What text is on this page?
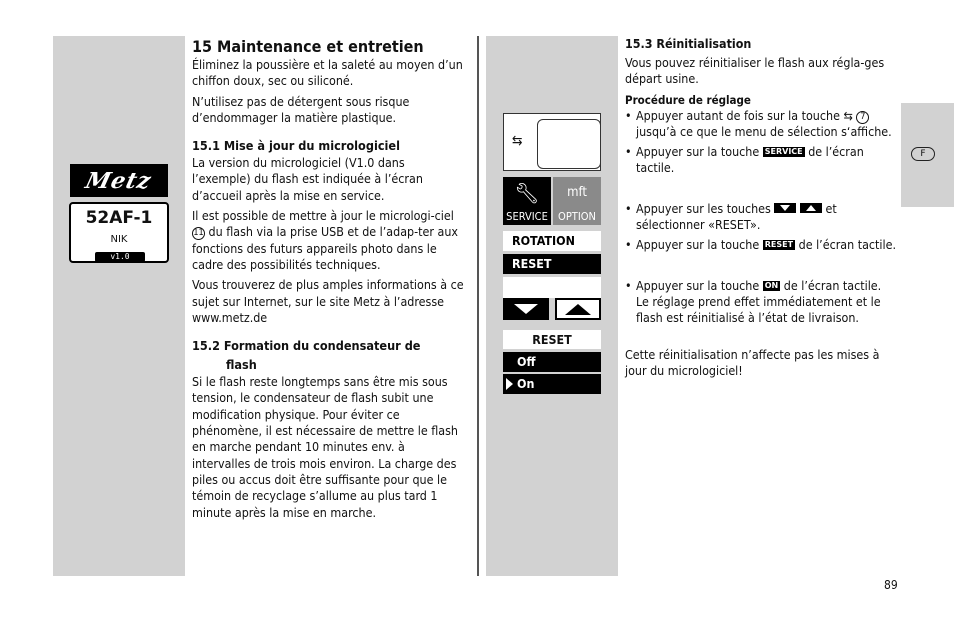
F
Metz
52AF-1
NIK
v1.0
15 Maintenance et entretien

Éliminez la poussière et la saleté au moyen d’un chiffon doux, sec ou siliconé.

N’utilisez pas de détergent sous risque d’endommager la matière plastique.

15.1 Mise à jour du micrologiciel

La version du micrologiciel (V1.0 dans l’exemple) du flash est indiquée à l’écran d’accueil après la mise en service.

Il est possible de mettre à jour le micrologi-ciel 11 du flash via la prise USB et de l’adap-ter aux fonctions des futurs appareils photo dans le cadre des possibilités techniques.

Vous trouverez de plus amples informations à ce sujet sur Internet, sur le site Metz à l’adresse www.metz.de

15.2 Formation du condensateur de
flash

Si le flash reste longtemps sans être mis sous tension, le condensateur de flash subit une modification physique. Pour éviter ce phénomène, il est nécessaire de mettre le flash en marche pendant 10 minutes env. à intervalles de trois mois environ. La charge des piles ou accus doit être suffisante pour que le témoin de recyclage s’allume au plus tard 1 minute après la mise en marche.

⇆
🔧︎
SERVICE
mft
OPTION
ROTATION
RESET
RESET
Off
On
15.3 Réinitialisation

Vous pouvez réinitialiser le flash aux régla-ges départ usine.

Procédure de réglage
• Appuyer autant de fois sur la touche ⇆ 7 jusqu’à ce que le menu de sélection s‘affiche.
• Appuyer sur la touche SERVICE de l’écran tactile.
• Appuyer sur les touches	et sélectionner «RESET».
• Appuyer sur la touche RESET de l’écran tactile.
• Appuyer sur la touche ON de l’écran tactile.
Le réglage prend effet immédiatement et le flash est réinitialisé à l’état de livraison.

Cette réinitialisation n’affecte pas les mises à jour du micrologiciel!

89
